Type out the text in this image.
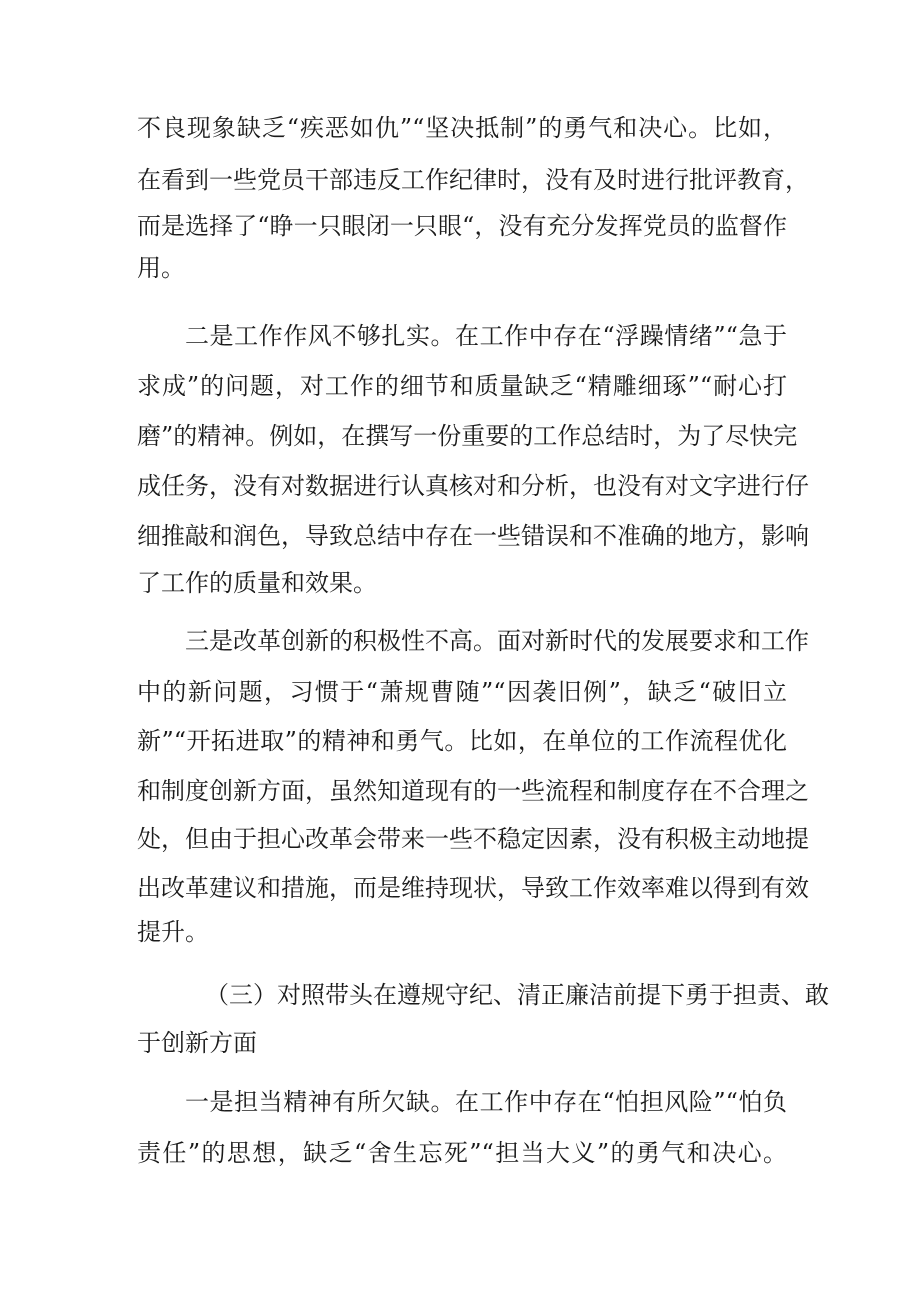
不良现象缺乏“疾恶如仇”“坚决抵制”的勇气和决心。比如，
在看到一些党员干部违反工作纪律时，没有及时进行批评教育，
而是选择了“睁一只眼闭一只眼“，没有充分发挥党员的监督作
用。
二是工作作风不够扎实。在工作中存在“浮躁情绪”“急于
求成”的问题，对工作的细节和质量缺乏“精雕细琢”“耐心打
磨”的精神。例如，在撰写一份重要的工作总结时，为了尽快完
成任务，没有对数据进行认真核对和分析，也没有对文字进行仔
细推敲和润色，导致总结中存在一些错误和不准确的地方，影响
了工作的质量和效果。
三是改革创新的积极性不高。面对新时代的发展要求和工作
中的新问题，习惯于“萧规曹随”“因袭旧例”，缺乏“破旧立
新”“开拓进取”的精神和勇气。比如，在单位的工作流程优化
和制度创新方面，虽然知道现有的一些流程和制度存在不合理之
处，但由于担心改革会带来一些不稳定因素，没有积极主动地提
出改革建议和措施，而是维持现状，导致工作效率难以得到有效
提升。
（三）对照带头在遵规守纪、清正廉洁前提下勇于担责、敢
于创新方面
一是担当精神有所欠缺。在工作中存在“怕担风险”“怕负
责任”的思想，缺乏“舍生忘死”“担当大义”的勇气和决心。
